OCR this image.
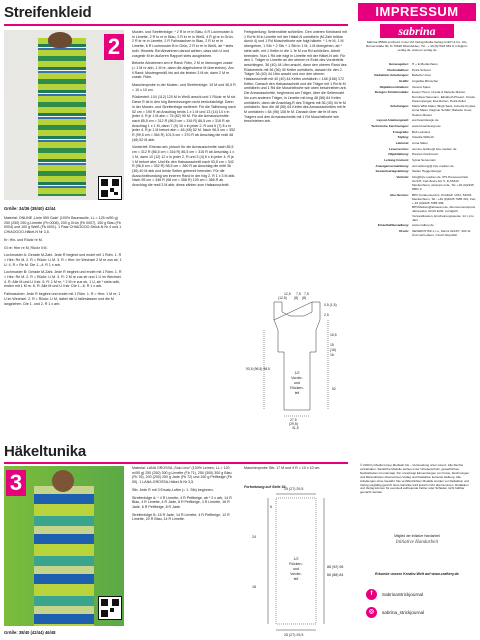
Streifenkleid
2
Größe: 34/36 (38/40) 42/44

Material: ONLINE „Linie 559 Gala“ (100% Baumwolle, LL = 125 m/50 g) 250 (250) 250 g Limette (Fb 0008), 200 g Grün (Fb 0007), 150 g Blau (Fb 0004) und 100 g Weiß (Fb 0001). 1 Paar CHIAOGOO-Strick-N Nr 4 und 1 CHIAOGOO-Häkel-N Nr 3,5.

Kr: Hin- und Rückr re M.

Gl re: Hinr re M, Rückr li M.

Lochmuster A: Gerade M-Zahl. Jede R beginnt und endet mit 1 Rdm. 1. R = Hinr: Re M. 2. R = Rückr: Li M. 3. R = Hinr: Im Wechsel 2 M re zus str, 1 U. 4. R = Re M. Die 1.–4. R 1 x arb.

Lochmuster B: Gerade M-Zahl. Jede R beginnt und endet mit 1 Rdm. 1. R = Hinr: Re M. 2. R = Rückr: Li M. 3. R: 2 M re zus str und 1 U im Wechsel. 4. R: Alle M und U li str. 5. R: 1 M re, * 2 M re zus str, 1 U, ab * stets wdh, enden mit 1 M re. 6. R: Alle M und U li str. Die 1.–6. R 1 x arb.

Fallmaschen: Jede R beginnt und endet mit 1 Rdm. 1. R = Hinr: 1 M re, 1 U im Wechsel. 2. R = Rückr: Li M, dabei die U fallenlassen und die M langziehen. Die 1. und 2. R 1 x arb.

Muster- und Streifenfolge: * 2 R kr re in Blau, 6 R Lochmuster A in Limette, 2 R kr re in Blau, 2 R kr re in Weiß, 4 R gl re in Grün, 2 R kr re in Limette, 2 R Fallmaschen in Blau, 2 R kr re in Limette, 6 R Lochmuster B in Grün, 2 R kr re in Weiß, ab * stets wdh. Hinweis: Bei Abnahmen darauf achten, dass sich U und zusgestr M im äußeren Rapport stets ausgleichen.

Betonte Abnahmen am re Rand: Rdm, 2 M re überzogen zusstr (= 1 M re abh, 1 M re, dann die abgehobene M überziehen). Am li Rand: Mustergemäß bis auf die letzten 3 M str, dann 2 M re zusstr, Rdm.

Maschenprobe in der Muster- und Streifenfolge: 19 M und 36,5 R = 10 x 10 cm.

Rückenteil: 104 (112) 120 M in Weiß anschl und 1 Rückr re M str. Diese R ist in den folg Berechnungen nicht berücksichtigt. Dann in der Muster- und Streifenfolge weiterstr. Für die Taillierung nach 52 cm = 190 R ab Anschlag beids 1 x 1 M und 13 (14) 14 x in jeder 4. R je 1 M abn = 76 (82) 90 M. Für die Armausschnitte nach 85,5 cm = 312 R (86,5 cm = 316 R) 86,5 cm = 316 R ab Anschlag 1 x 1 M, dann 7 (9) 10 x in jeder 2. R und 6 (7) 8 x in jeder 4. R je 1 M betont abn = 48 (48) 52 M. Nach 96,5 cm = 352 R (99,5 cm = 364 R) 101,5 cm = 370 R ab Anschlag die restl 48 (48) 52 M abk.

Vorderteil: Ebenso arb, jedoch für die Armausschnitte nach 85,5 cm = 312 R (86,5 cm = 316 R) 86,5 cm = 316 R ab Anschlag 1 x 1 M, dann 10 (12) 12 x in jeder 2. R und 3 (4) 6 x in jeder 4. R je 1 M betont abn. Und für den Halsausschnitt nach 93,5 cm = 342 R (96,5 cm = 352 R) 98,5 cm = 360 R ab Anschlag die mittl 36 (36) 40 M abk und beide Seiten getrennt beenden. Für die Ausschnittrundung am inneren Rand in der folg 2. R 1 x 3 M abk. Nach 95 cm = 346 R (98 cm = 358 R) 100 cm = 366 R ab Anschlag die restl 3 M abk; diese zählen zum Halsausschnitt.

Fertigstellung: Seitennähte schließen. Den unteren Kleidrand mit 1 Rd fe M in Limette mit der Häkel-N umhäkeln (M-Zahl teilbar durch 4) und 1 Rd Muschelborte wie folgt häkeln: * 1 fe M, 1 M übergehen, 1 Stb + 2 Stb + 1 Stb in 1 M, 1 M übergehen, ab * stets wdh, mit 1 Kettm in die 1. fe M zur Rd schließen. Arbeit beenden. Nun 1 Rd wie folgt in Limette mit der Häkel-N arb: Für den 1. Träger in Limette an der oberen re Ecke des Vorderteils anschlingen, 36 (40) 44 Lftm anschl, dann den oberen Rand des Rückenteils mit 36 (36) 40 Kettm umhäkeln, danach für den 2. Träger 36 (40) 44 Lftm anschl und nun den oberen Halsausschnitt mit 40 (40) 44 Kettm umhäkeln = 148 (156) 172 Kettm. Danach den Halsausschnitt und die Träger mit 1 Rd fe M umhäkeln und 1 Rd die Muschelborte wie oben beschrieben arb. Die Armausschnitte, beginnend am Träger, über die Seitennaht hin zum anderen Träger, in Limette mit insg 48 (56) 64 Kettm umhäkeln, dann die Anschlag-R des Trägers mit 36 (40) 44 fe M umhäkeln. Nun die 48 (56) 64 Kettm des Armausschnittes mit fe M umhäkeln = 84 (96) 108 fe M. Danach über die fe M des Trägers und den Armausschnitts mit 1 Rd Muschelborte wie beschrieben arb.

12,5 7,5 7,5
(12,5) (8) (8)
0,5 (1,5)
2,5
16,5
15
(16)
16
93,5 (96,5) 98,5
52
27,5
(29,5)
31,5
1/2
Vorder-
und
Rücken-
teil
Häkeltunika
3
Größe: 38/40 (42/44) 46/48

Material: LANA GROSSA „Solo Lino“ (100% Leinen, LL = 120 m/50 g) 250 (250) 300 g Limette (Fb 71), 250 (300) 300 g Blau (Fb 76), 200 (200) 250 g Jade (Fb 72) und 150 g Petfbeige (Fb 55). 1 LANA-GROSSA-Häkel-N Nr 3,5.

Stb: Jede R mit 3 Ersatz-Luftm (= 1. Stb) beginnen.

Streifenfolge A: * 4 R Limette, 4 R Petfbeige, ab * 2 x arb, 14 R Blau, 4 R Limette, 4 R Jade, 8 R Petfbeige, 4 R Limette, 16 R Jade, 6 R Petfbeige, 8 R Jade.

Streifenfolge B: 16 R Jade, 14 R Limette, 4 R Petfbeige, 12 R Limette, 20 R Blau, 14 R Limette.

Maschenprobe Stb: 17 M und 9 R = 10 x 10 cm.

Fortsetzung auf Seite 34
25 (27) 29,5
6
24
18
88 (92) 96
66 (88) 84
25 (27) 29,5
1/2
Rücken-
und
Vorder-
teil
IMPRESSUM
sabrina
Sabrina 05600 erscheint in der OZ Verlag Media-Verlag GmbH & Co. KG, Römerstraße 90, D-79618 Rheinfelden, Tel.: + 49 (0)7623 964 0, info@oz-verlag.de, www.oz-verlag.de
Herausgeber: H + E Medienhaus
Chefredaktion: Petra Schurer
Redaktion Anleitungen: Babette Umer
Grafik: Angelika Münscher
Objektkoordination: Verena Spies
Designs Strickmodelle: Evelyn Hoon, Ursula & Melanie Marzer, Dorothea Neumann, Elisabeth Plauert, Ursula Pannenpergel, Eva Rotten, Petra Zeller
Anleitungen: Maria Wille Maier, Birgit Sack, Annette Krypka, Anna Maier, Dagmar Schätz, Babette Umer, Helene Mewer
Layout Anleitungsteil: ww.freiertdesign.de
Technische Zeichnungen: www.freiertdesign.de
Fotografie: Bob Leinders
Styling: Claudia Wilitsch
Lektorat: Anna Maier
Leserservice: service-hotline@ bpv-medien.de
Objektleitung: Hannes Dockmann
Leitung Content: Sylvia Serwonski
Anzeigenvermarktung: vermarktung@ bpv-medien.de
Gesamtverlagsleitung: Stefan Heggenberger
Vertrieb: info@bpv-medien.de, IPS Pressevertrieb GmbH, Carl-Zeiss-Str. 5, D-53340 Meckenheim, www.ips-d.de, Tel. +49 (0)2225 8801 0
Abo-Service: BPV Kundenservice, Postfach 1331, 53333 Meckenheim, Tel.: +49 (0)2225 7085 321, Fax: + 49 (0)2225 7085 399, BPVMedien@aboteam.de, Abonnementspreis Jahresabo: 93,00 EUR, zuzüglich Versandkosten, Erscheinungsweise: 12 x pro Jahr
Einzelheftbestellung: www.craftery.de
Druck: SEVEROTISK s.r.o., Mezni 3213/7, 400 11 Ústí nad Labem, Czech Republic
© 2020 by Media Group Medweb AG – Verwendung unter Lizenz. Alle Rechte vorbehalten. Sämtliche Modelle stehen unter Urheberschutz, gewerbliches Nacharbeiten ist untersagt. Für unverlangt Einsendungen von Fotos, Zeichnungen und Manuskripten übernehmen Verlag und Redaktion keinerlei Haftung. Alle Anleitungen ohne Gewähr. Die veröffentlichten Modelle wurden vor Redaktion und Verlag sorgfältig geprüft. Eine Garantie wird jedoch nicht übernommen. Redaktion und Verlag können für eventuell auftretende Fehler oder Schäden nicht haftbar gemacht werden.
Mitglied der Initiative Handarbeit
Initiative Handarbeit
Erkunde unsere Kreativ-Welt auf www.craftery.de
f	SabrinaStrickjournal
◎	sabrina_strickjournal
